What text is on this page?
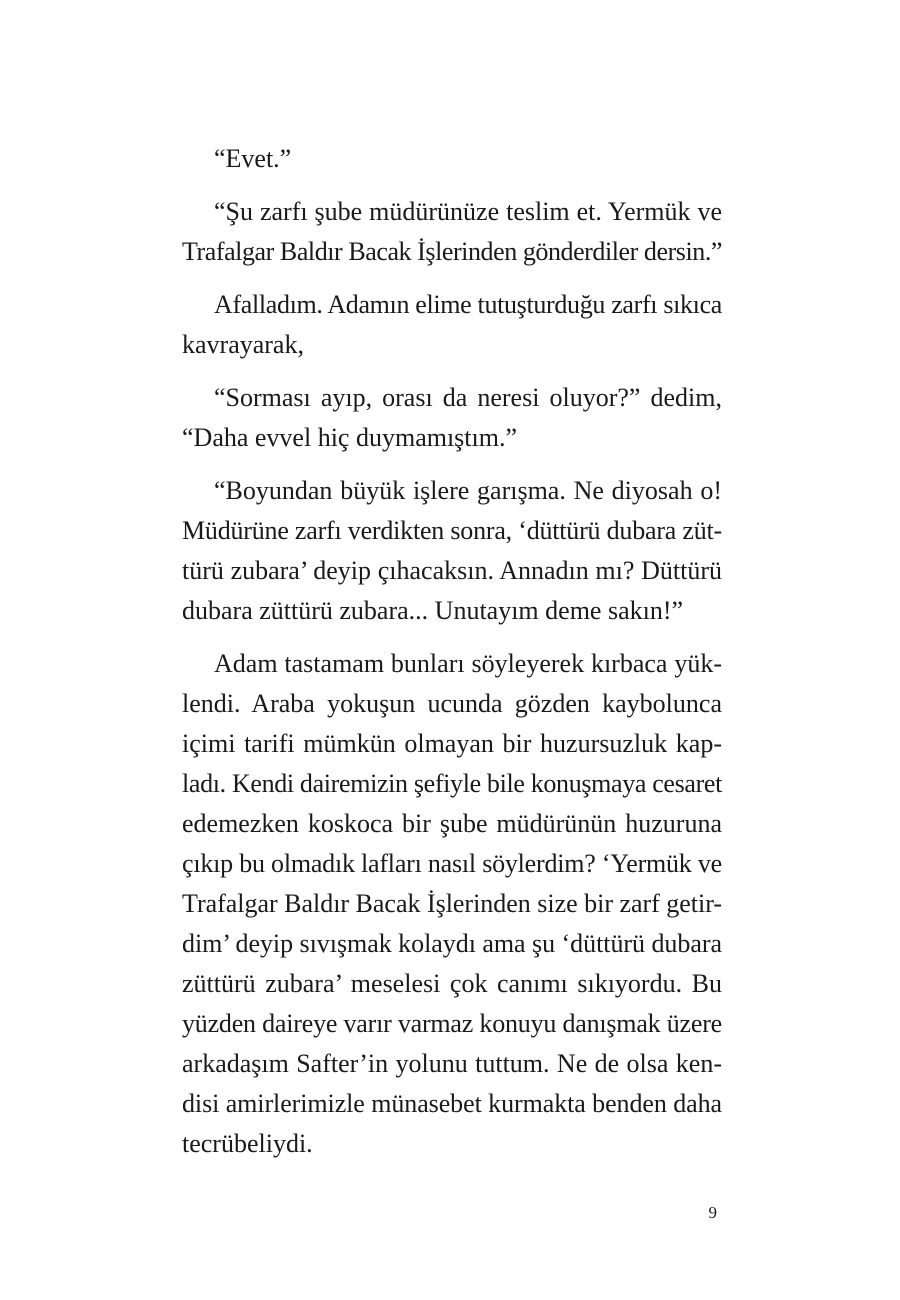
“Evet.”
“Şu zarfı şube müdürünüze teslim et. Yermük ve
Trafalgar Baldır Bacak İşlerinden gönderdiler dersin.”
Afalladım. Adamın elime tutuşturduğu zarfı sıkıca
kavrayarak,
“Sorması ayıp, orası da neresi oluyor?” dedim,
“Daha evvel hiç duymamıştım.”
“Boyundan büyük işlere garışma. Ne diyosah o!
Müdürüne zarfı verdikten sonra, ‘düttürü dubara züt-
türü zubara’ deyip çıhacaksın. Annadın mı? Düttürü
dubara züttürü zubara... Unutayım deme sakın!”
Adam tastamam bunları söyleyerek kırbaca yük-
lendi. Araba yokuşun ucunda gözden kaybolunca
içimi tarifi mümkün olmayan bir huzursuzluk kap-
ladı. Kendi dairemizin şefiyle bile konuşmaya cesaret
edemezken koskoca bir şube müdürünün huzuruna
çıkıp bu olmadık lafları nasıl söylerdim? ‘Yermük ve
Trafalgar Baldır Bacak İşlerinden size bir zarf getir-
dim’ deyip sıvışmak kolaydı ama şu ‘düttürü dubara
züttürü zubara’ meselesi çok canımı sıkıyordu. Bu
yüzden daireye varır varmaz konuyu danışmak üzere
arkadaşım Safter’in yolunu tuttum. Ne de olsa ken-
disi amirlerimizle münasebet kurmakta benden daha
tecrübeliydi.
9
